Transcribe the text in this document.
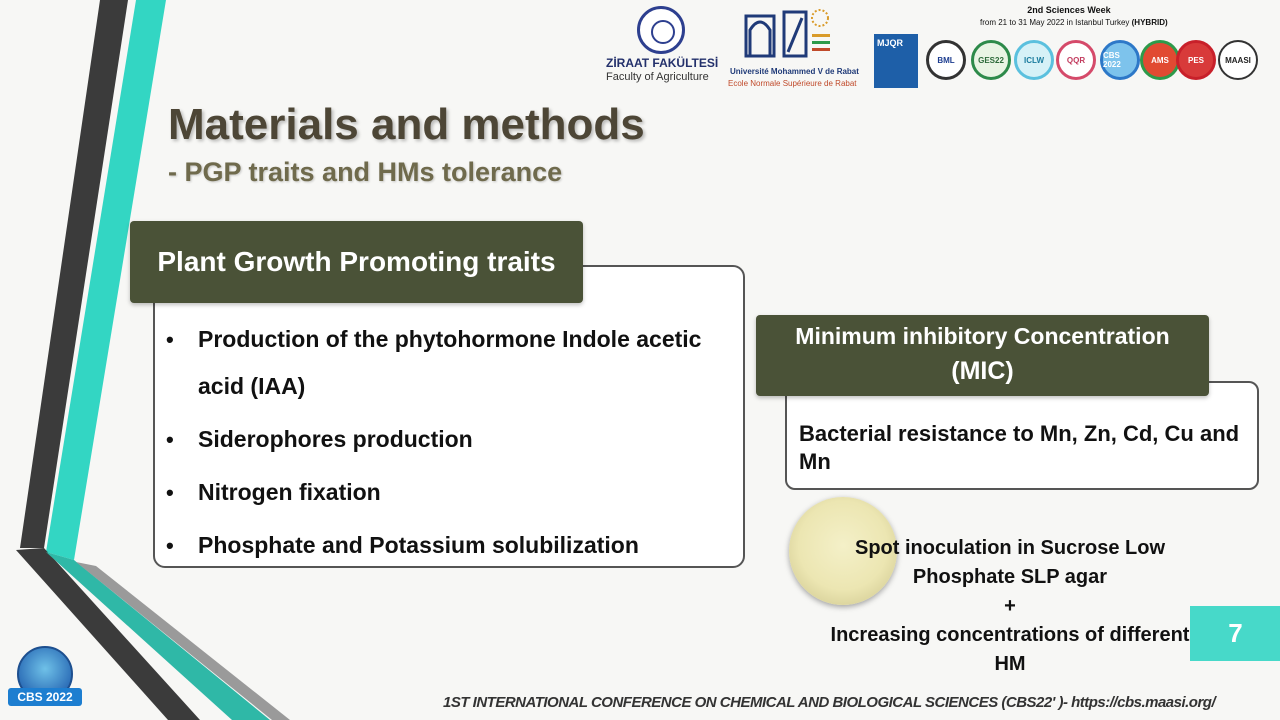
ZİRAAT FAKÜLTESİ
Faculty of Agriculture	Université Mohammed V de Rabat
Ecole Normale Supérieure de Rabat
2nd Sciences Week
from 21 to 31 May 2022 in Istanbul Turkey (HYBRID)
MJQR
BML	GES22	ICLW	QQR	CBS 2022	AMS	PES	MAASI
Materials and methods
- PGP traits and HMs tolerance
Plant Growth Promoting traits
• Production of the phytohormone Indole acetic acid (IAA)
• Siderophores production
• Nitrogen fixation
• Phosphate and Potassium solubilization
Minimum inhibitory Concentration
(MIC)
Bacterial resistance to Mn, Zn, Cd, Cu and Mn
Spot inoculation in Sucrose Low Phosphate SLP agar
+
Increasing concentrations of different HM
7
CBS 2022	1ST INTERNATIONAL CONFERENCE ON CHEMICAL AND BIOLOGICAL SCIENCES (CBS22' )- https://cbs.maasi.org/
